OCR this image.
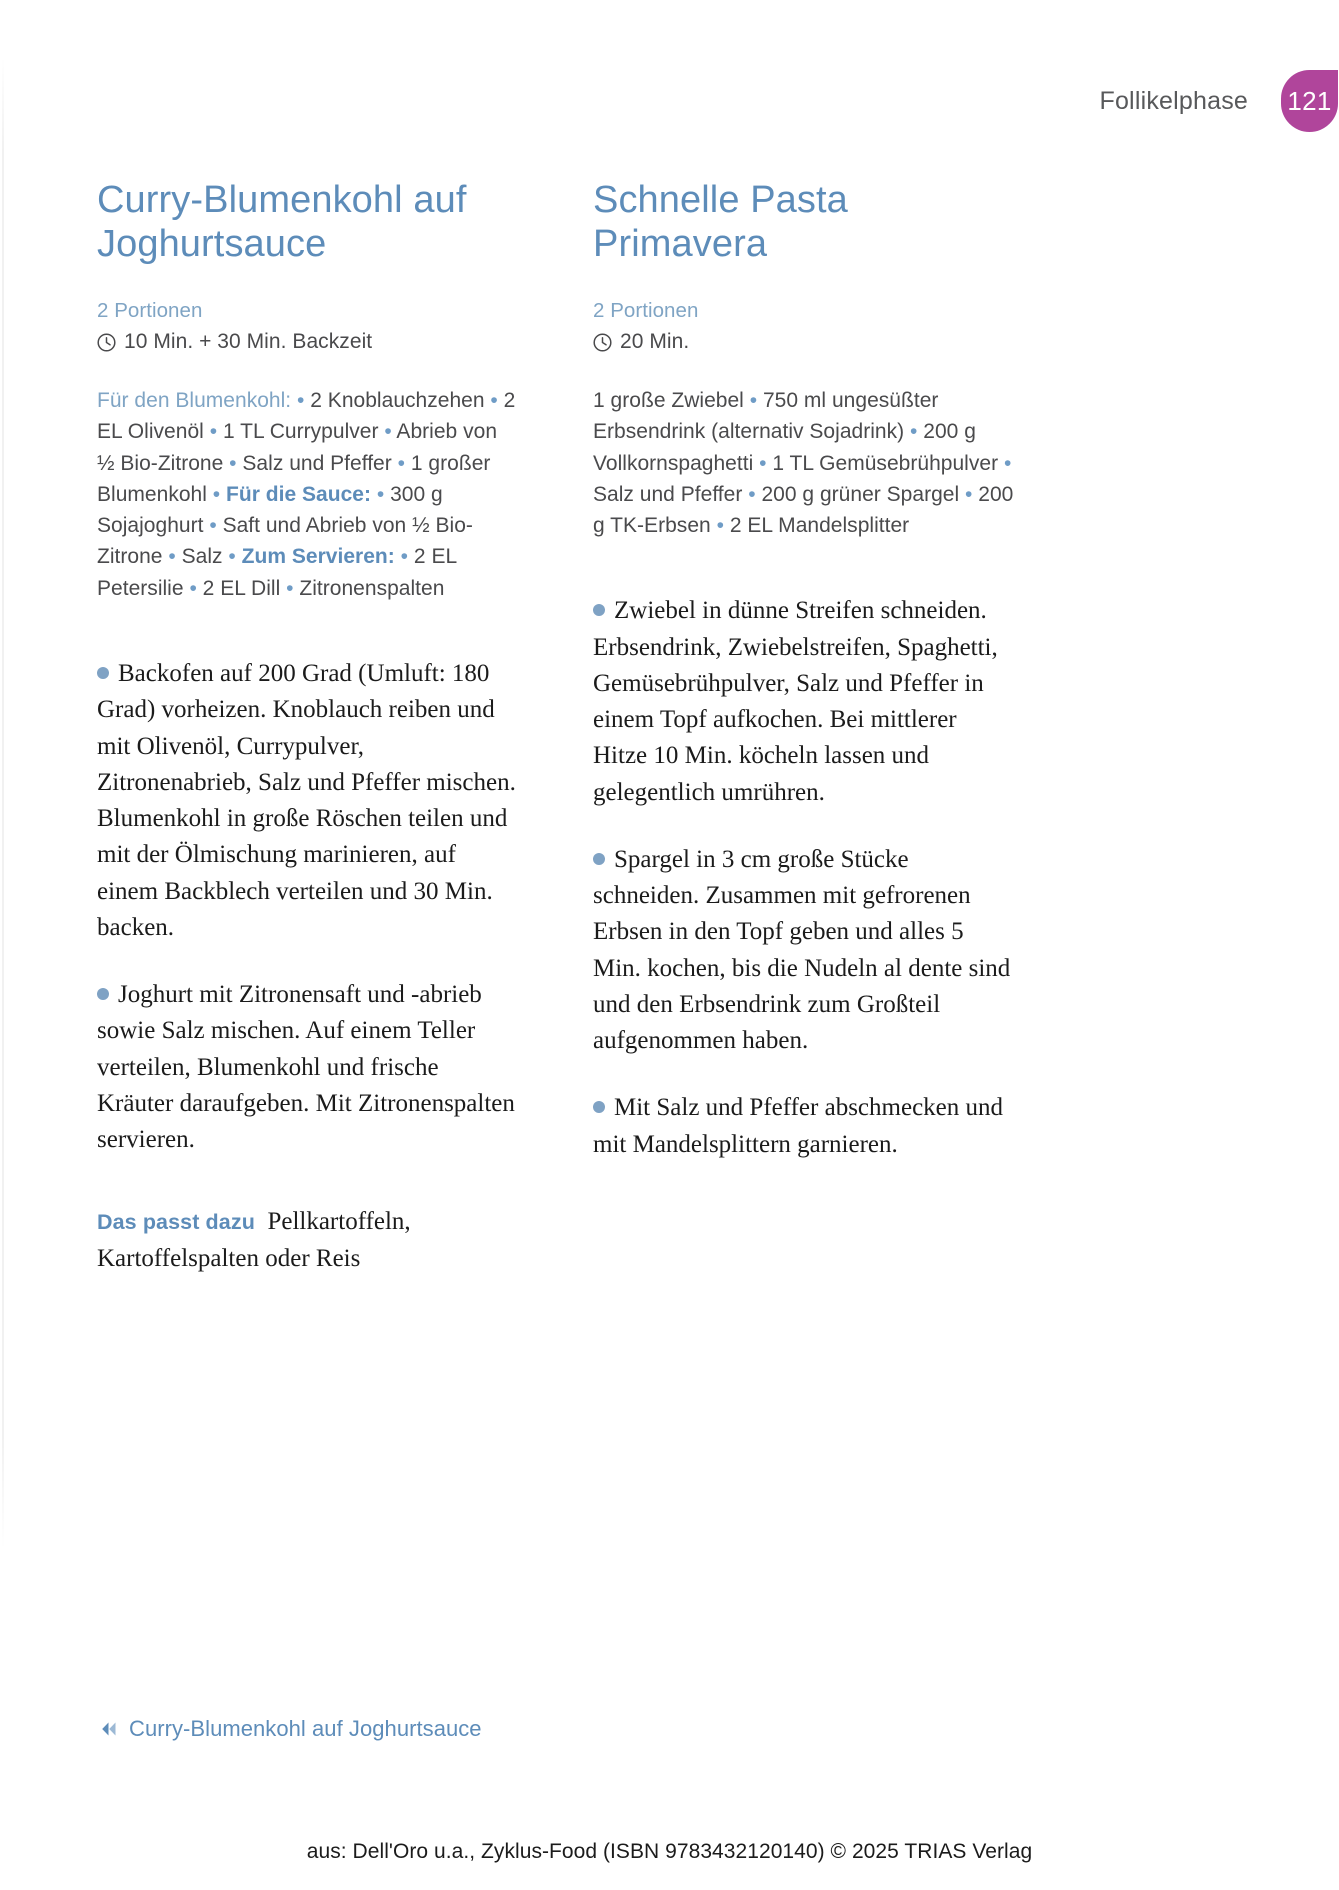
Follikelphase	121
Curry-Blumenkohl auf Joghurtsauce

2 Portionen

10 Min. + 30 Min. Backzeit

Für den Blumenkohl: • 2 Knoblauchzehen • 2 EL Olivenöl • 1 TL Currypulver • Abrieb von ½ Bio-Zitrone • Salz und Pfeffer • 1 großer Blumenkohl • Für die Sauce: • 300 g Sojajoghurt • Saft und Abrieb von ½ Bio-Zitrone • Salz • Zum Servieren: • 2 EL Petersilie • 2 EL Dill • Zitronenspalten

Backofen auf 200 Grad (Umluft: 180 Grad) vorheizen. Knoblauch reiben und mit Olivenöl, Currypulver, Zitronenabrieb, Salz und Pfeffer mischen. Blumenkohl in große Röschen teilen und mit der Ölmischung marinieren, auf einem Backblech verteilen und 30 Min. backen.

Joghurt mit Zitronensaft und -abrieb sowie Salz mischen. Auf einem Teller verteilen, Blumenkohl und frische Kräuter daraufgeben. Mit Zitronenspalten servieren.

Das passt dazu Pellkartoffeln, Kartoffelspalten oder Reis

Schnelle Pasta Primavera

2 Portionen

20 Min.

1 große Zwiebel • 750 ml ungesüßter Erbsendrink (alternativ Sojadrink) • 200 g Vollkornspaghetti • 1 TL Gemüsebrühpulver • Salz und Pfeffer • 200 g grüner Spargel • 200 g TK-Erbsen • 2 EL Mandelsplitter

Zwiebel in dünne Streifen schneiden. Erbsendrink, Zwiebelstreifen, Spaghetti, Gemüsebrühpulver, Salz und Pfeffer in einem Topf aufkochen. Bei mittlerer Hitze 10 Min. köcheln lassen und gelegentlich umrühren.

Spargel in 3 cm große Stücke schneiden. Zusammen mit gefrorenen Erbsen in den Topf geben und alles 5 Min. kochen, bis die Nudeln al dente sind und den Erbsendrink zum Großteil aufgenommen haben.

Mit Salz und Pfeffer abschmecken und mit Mandelsplittern garnieren.

Curry-Blumenkohl auf Joghurtsauce
aus: Dell'Oro u.a., Zyklus-Food (ISBN 9783432120140) © 2025 TRIAS Verlag
